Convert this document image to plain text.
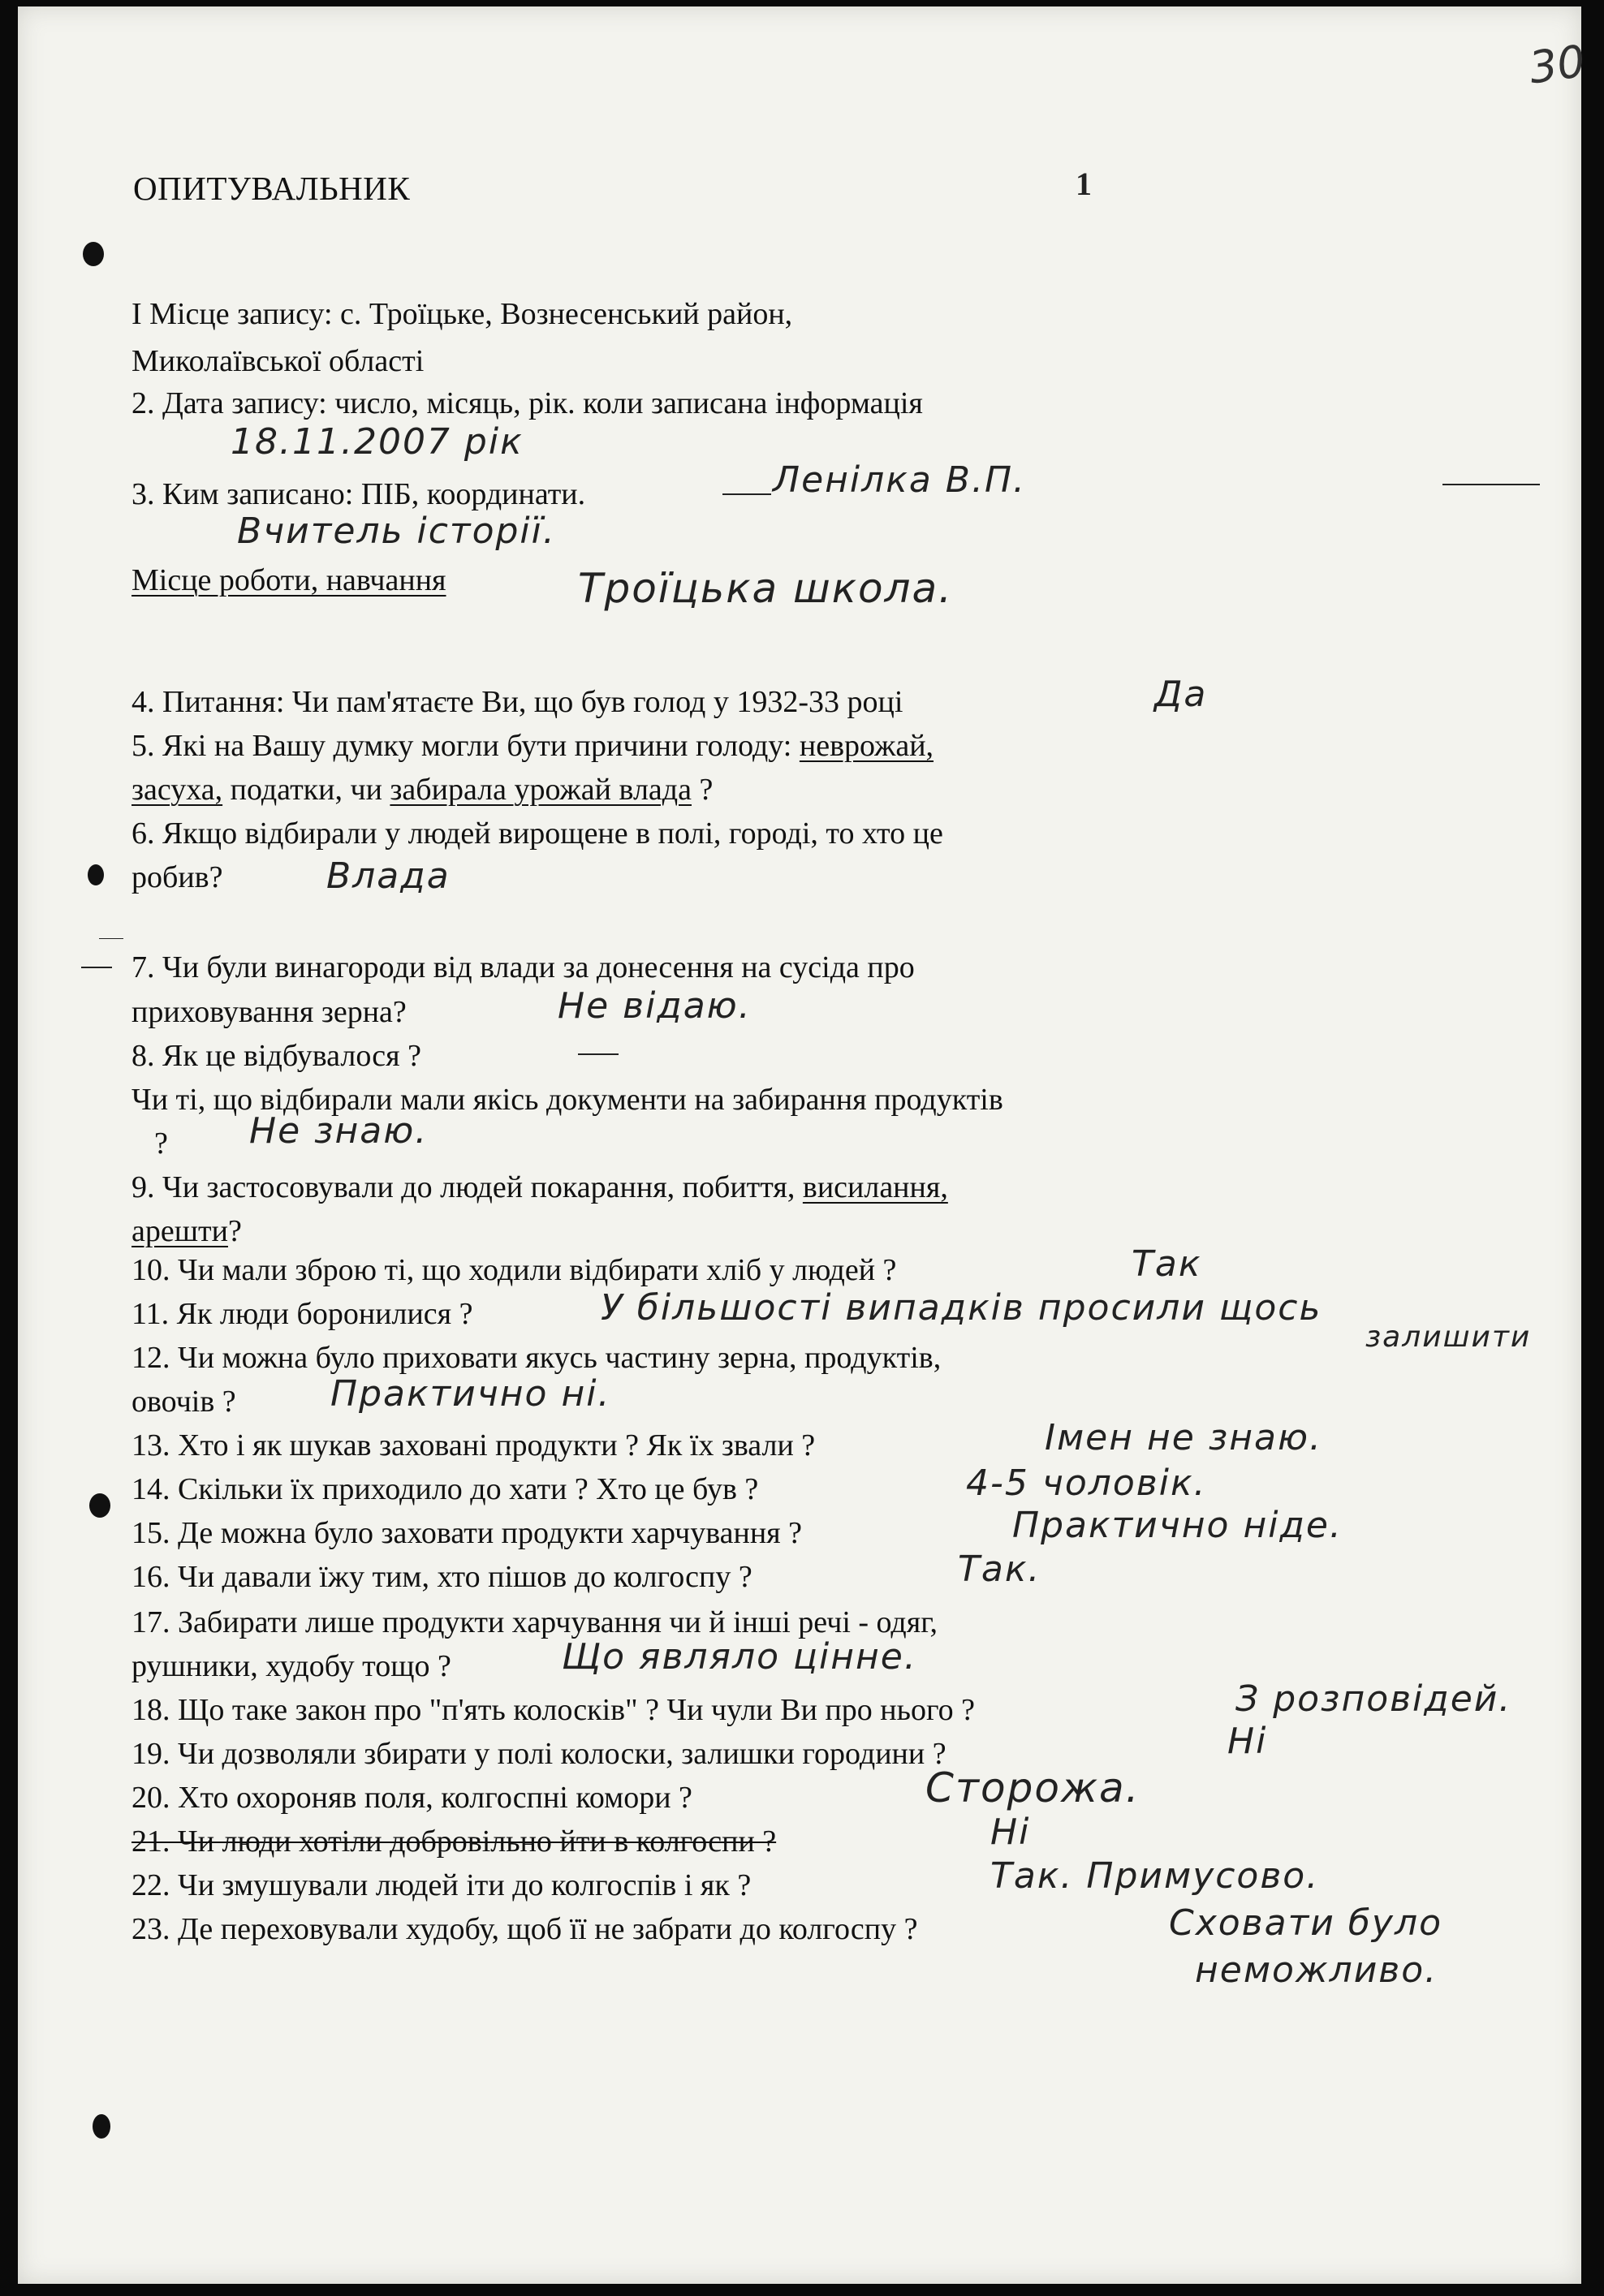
30
1
ОПИТУВАЛЬНИК
I Місце запису: с. Троїцьке, Вознесенський район,
Миколаївської області
2. Дата запису: число, місяць, рік. коли записана інформація
18.11.2007 рік
3. Ким записано: ПІБ, координати.	Ленілка В.П.
Вчитель історії.
Місце роботи, навчання	Троїцька школа.
4. Питання: Чи пам'ятаєте Ви, що був голод у 1932-33 році	Да
5. Які на Вашу думку могли бути причини голоду: неврожай,
засуха, податки, чи забирала урожай влада ?
6. Якщо відбирали у людей вирощене в полі, городі, то хто це
робив?	Влада
7. Чи були винагороди від влади за донесення на сусіда про
приховування зерна?	Не відаю.
8. Як це відбувалося ?
Чи ті, що відбирали мали якісь документи на забирання продуктів
? Не знаю.
9. Чи застосовували до людей покарання, побиття, висилання,
арешти?
10. Чи мали зброю ті, що ходили відбирати хліб у людей ?	Так
11. Як люди боронилися ?	У більшості випадків просили щось
залишити
12. Чи можна було приховати якусь частину зерна, продуктів,
овочів ?	Практично ні.
13. Хто і як шукав заховані продукти ? Як їх звали ?	Імен не знаю.
14. Скільки їх приходило до хати ? Хто це був ?	4-5 чоловік.
15. Де можна було заховати продукти харчування ?	Практично ніде.
16. Чи давали їжу тим, хто пішов до колгоспу ?	Так.
17. Забирати лише продукти харчування чи й інші речі - одяг,
рушники, худобу тощо ?	Що являло цінне.
18. Що таке закон про "п'ять колосків" ? Чи чули Ви про нього ?	З розповідей.
19. Чи дозволяли збирати у полі колоски, залишки городини ?	Ні
20. Хто охороняв поля, колгоспні комори ?	Сторожа.
21. Чи люди хотіли добровільно йти в колгоспи ?	Ні
22. Чи змушували людей іти до колгоспів і як ?	Так. Примусово.
23. Де переховували худобу, щоб її не забрати до колгоспу ?	Сховати було
неможливо.
